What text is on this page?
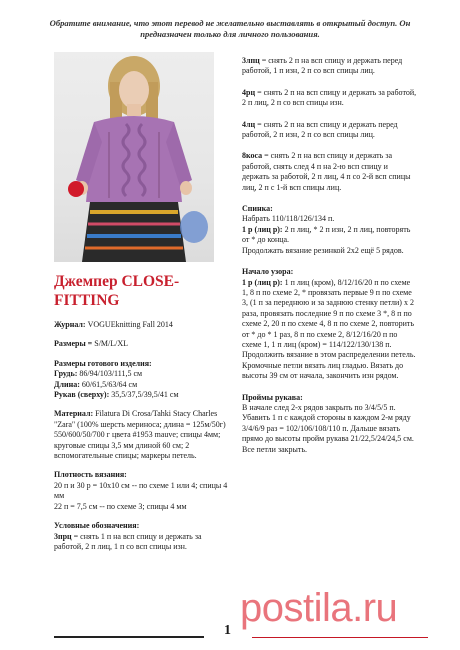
Обратите внимание, что этот перевод не желательно выставлять в открытый доступ. Он предназначен только для личного пользования.
Джемпер CLOSE-FITTING
Журнал: VOGUEknitting Fall 2014
Размеры = S/M/L/XL
Размеры готового изделия:
Грудь: 86/94/103/111,5 см
Длина: 60/61,5/63/64 см
Рукав (сверху): 35,5/37,5/39,5/41 см
Материал: Filatura Di Crosa/Tahki Stacy Charles "Zara" (100% шерсть мериноса; длина = 125м/50г) 550/600/50/700 г цвета #1953 mauve; спицы 4мм; круговые спицы 3,5 мм длиной 60 см; 2 вспомогательные спицы; маркеры петель.
Плотность вязания:
20 п и 30 р = 10х10 см -- по схеме 1 или 4; спицы 4 мм
22 п = 7,5 см -- по схеме 3; спицы 4 мм
Условные обозначения:
3прц = снять 1 п на всп спицу и держать за работой, 2 п лиц, 1 п со всп спицы изн.
3лпц = снять 2 п на всп спицу и держать перед работой, 1 п изн, 2 п со всп спицы лиц.
4рц = снять 2 п на всп спицу и держать за работой, 2 п лиц, 2 п со всп спицы изн.
4лц = снять 2 п на всп спицу и держать перед работой, 2 п изн, 2 п со всп спицы лиц.
8коса = снять 2 п на всп спицу и держать за работой, снять след 4 п на 2-ю всп спицу и держать за работой, 2 п лиц, 4 п со 2-й всп спицы лиц, 2 п с 1-й всп спицы лиц.
Спинка:
Набрать 110/118/126/134 п.
1 р (лиц р): 2 п лиц, * 2 п изн, 2 п лиц, повторять от * до конца.
Продолжать вязание резинкой 2х2 ещё 5 рядов.
Начало узора:
1 р (лиц р): 1 п лиц (кром), 8/12/16/20 п по схеме 1, 8 п по схеме 2, * провязать первые 9 п по схеме 3, (1 п за переднюю и за заднюю стенку петли) х 2 раза, провязать последние 9 п по схеме 3 *, 8 п по схеме 2, 20 п по схеме 4, 8 п по схеме 2, повторить от * до * 1 раз, 8 п по схеме 2, 8/12/16/20 п по схеме 1, 1 п лиц (кром) = 114/122/130/138 п.
Продолжить вязание в этом распределении петель. Кромочные петли вязать лиц гладью. Вязать до высоты 39 см от начала, закончить изн рядом.
Проймы рукава:
В начале след 2-х рядов закрыть по 3/4/5/5 п. Убавить 1 п с каждой стороны в каждом 2-м ряду 3/4/6/9 раз = 102/106/108/110 п. Дальше вязать прямо до высоты пройм рукава 21/22,5/24/24,5 см. Все петли закрыть.
1
postila.ru
